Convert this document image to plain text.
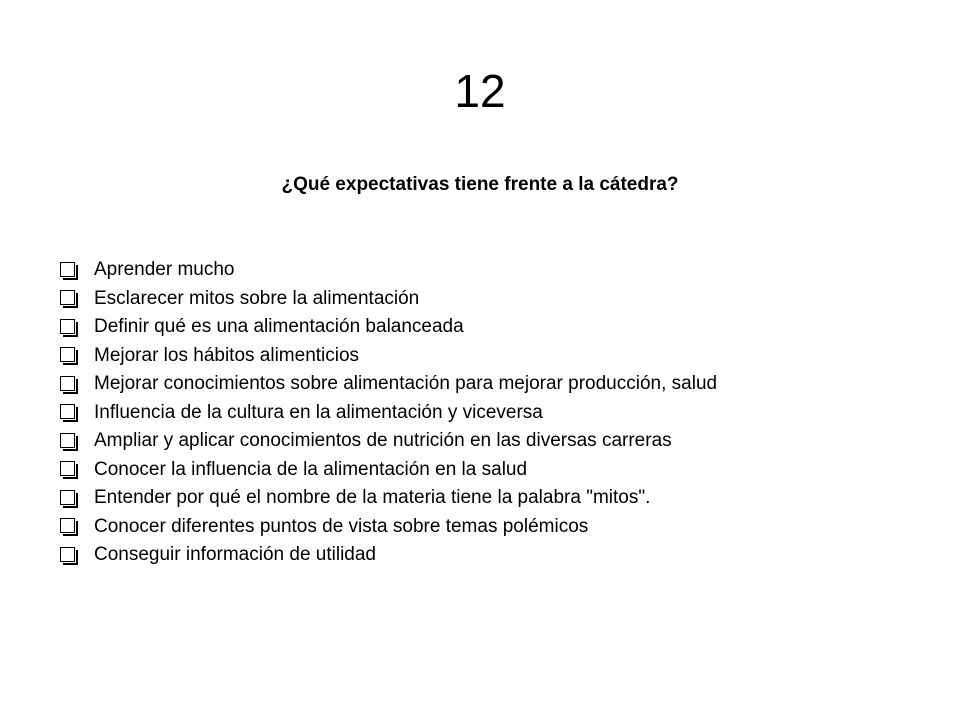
12

¿Qué expectativas tiene frente a la cátedra?

Aprender mucho
Esclarecer mitos sobre la alimentación
Definir qué es una alimentación balanceada
Mejorar los hábitos alimenticios
Mejorar conocimientos sobre alimentación para mejorar producción, salud
Influencia de la cultura en la alimentación y viceversa
Ampliar y aplicar conocimientos de nutrición en las diversas carreras
Conocer la influencia de la alimentación en la salud
Entender por qué el nombre de la materia tiene la palabra "mitos".
Conocer diferentes puntos de vista sobre temas polémicos
Conseguir información de utilidad
